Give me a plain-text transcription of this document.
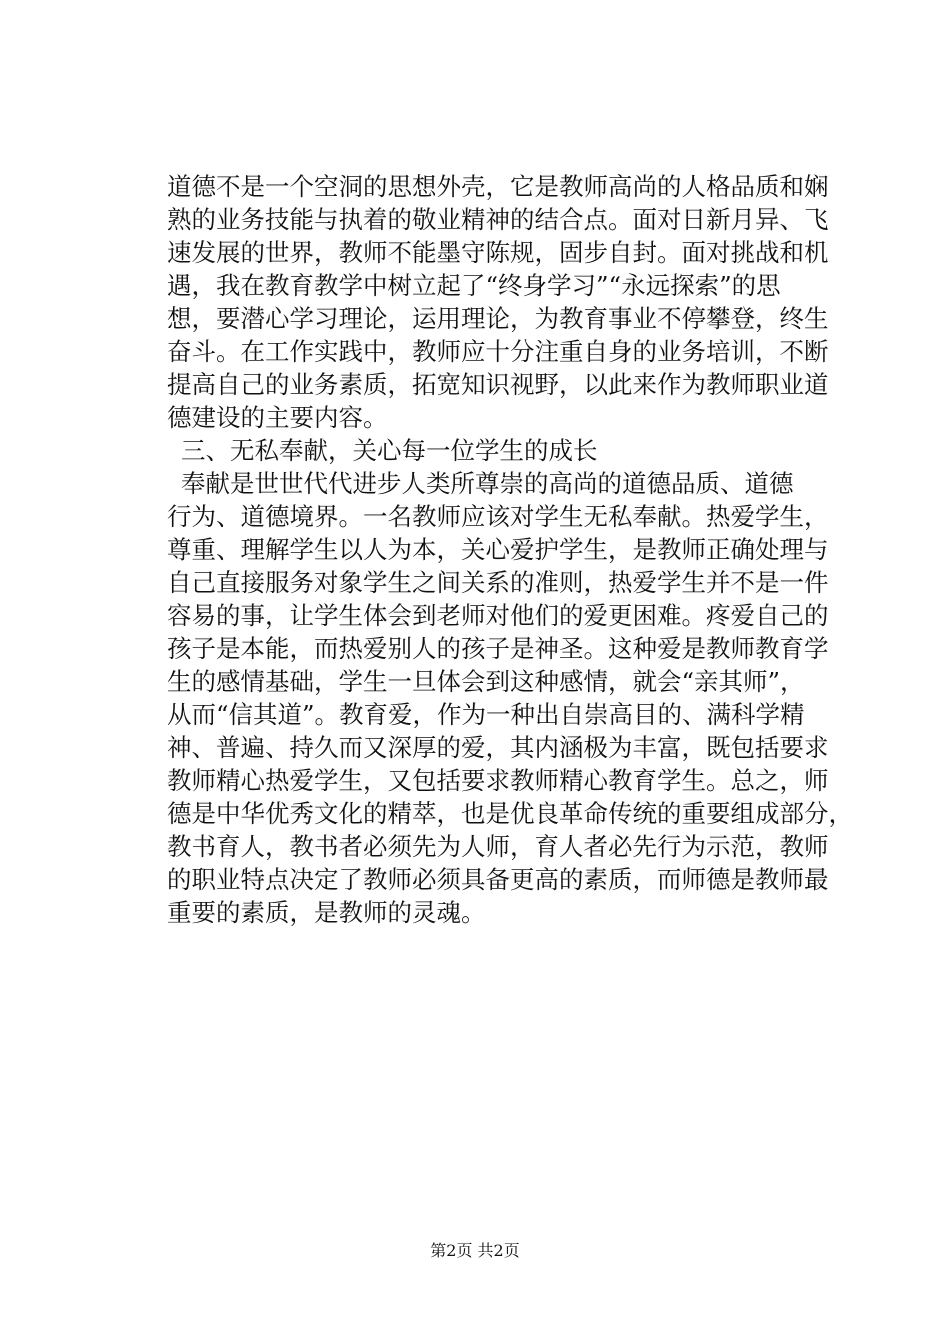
道德不是一个空洞的思想外壳，它是教师高尚的人格品质和娴
熟的业务技能与执着的敬业精神的结合点。面对日新月异、飞
速发展的世界，教师不能墨守陈规，固步自封。面对挑战和机
遇，我在教育教学中树立起了“终身学习”“永远探索”的思
想，要潜心学习理论，运用理论，为教育事业不停攀登，终生
奋斗。在工作实践中，教师应十分注重自身的业务培训，不断
提高自己的业务素质，拓宽知识视野，以此来作为教师职业道
德建设的主要内容。
三、无私奉献，关心每一位学生的成长
奉献是世世代代进步人类所尊崇的高尚的道德品质、道德
行为、道德境界。一名教师应该对学生无私奉献。热爱学生，
尊重、理解学生以人为本，关心爱护学生，是教师正确处理与
自己直接服务对象学生之间关系的准则，热爱学生并不是一件
容易的事，让学生体会到老师对他们的爱更困难。疼爱自己的
孩子是本能，而热爱别人的孩子是神圣。这种爱是教师教育学
生的感情基础，学生一旦体会到这种感情，就会“亲其师”，
从而“信其道”。教育爱，作为一种出自崇高目的、满科学精
神、普遍、持久而又深厚的爱，其内涵极为丰富，既包括要求
教师精心热爱学生，又包括要求教师精心教育学生。总之，师
德是中华优秀文化的精萃，也是优良革命传统的重要组成部分，
教书育人，教书者必须先为人师，育人者必先行为示范，教师
的职业特点决定了教师必须具备更高的素质，而师德是教师最
重要的素质，是教师的灵魂。
第2页 共2页
